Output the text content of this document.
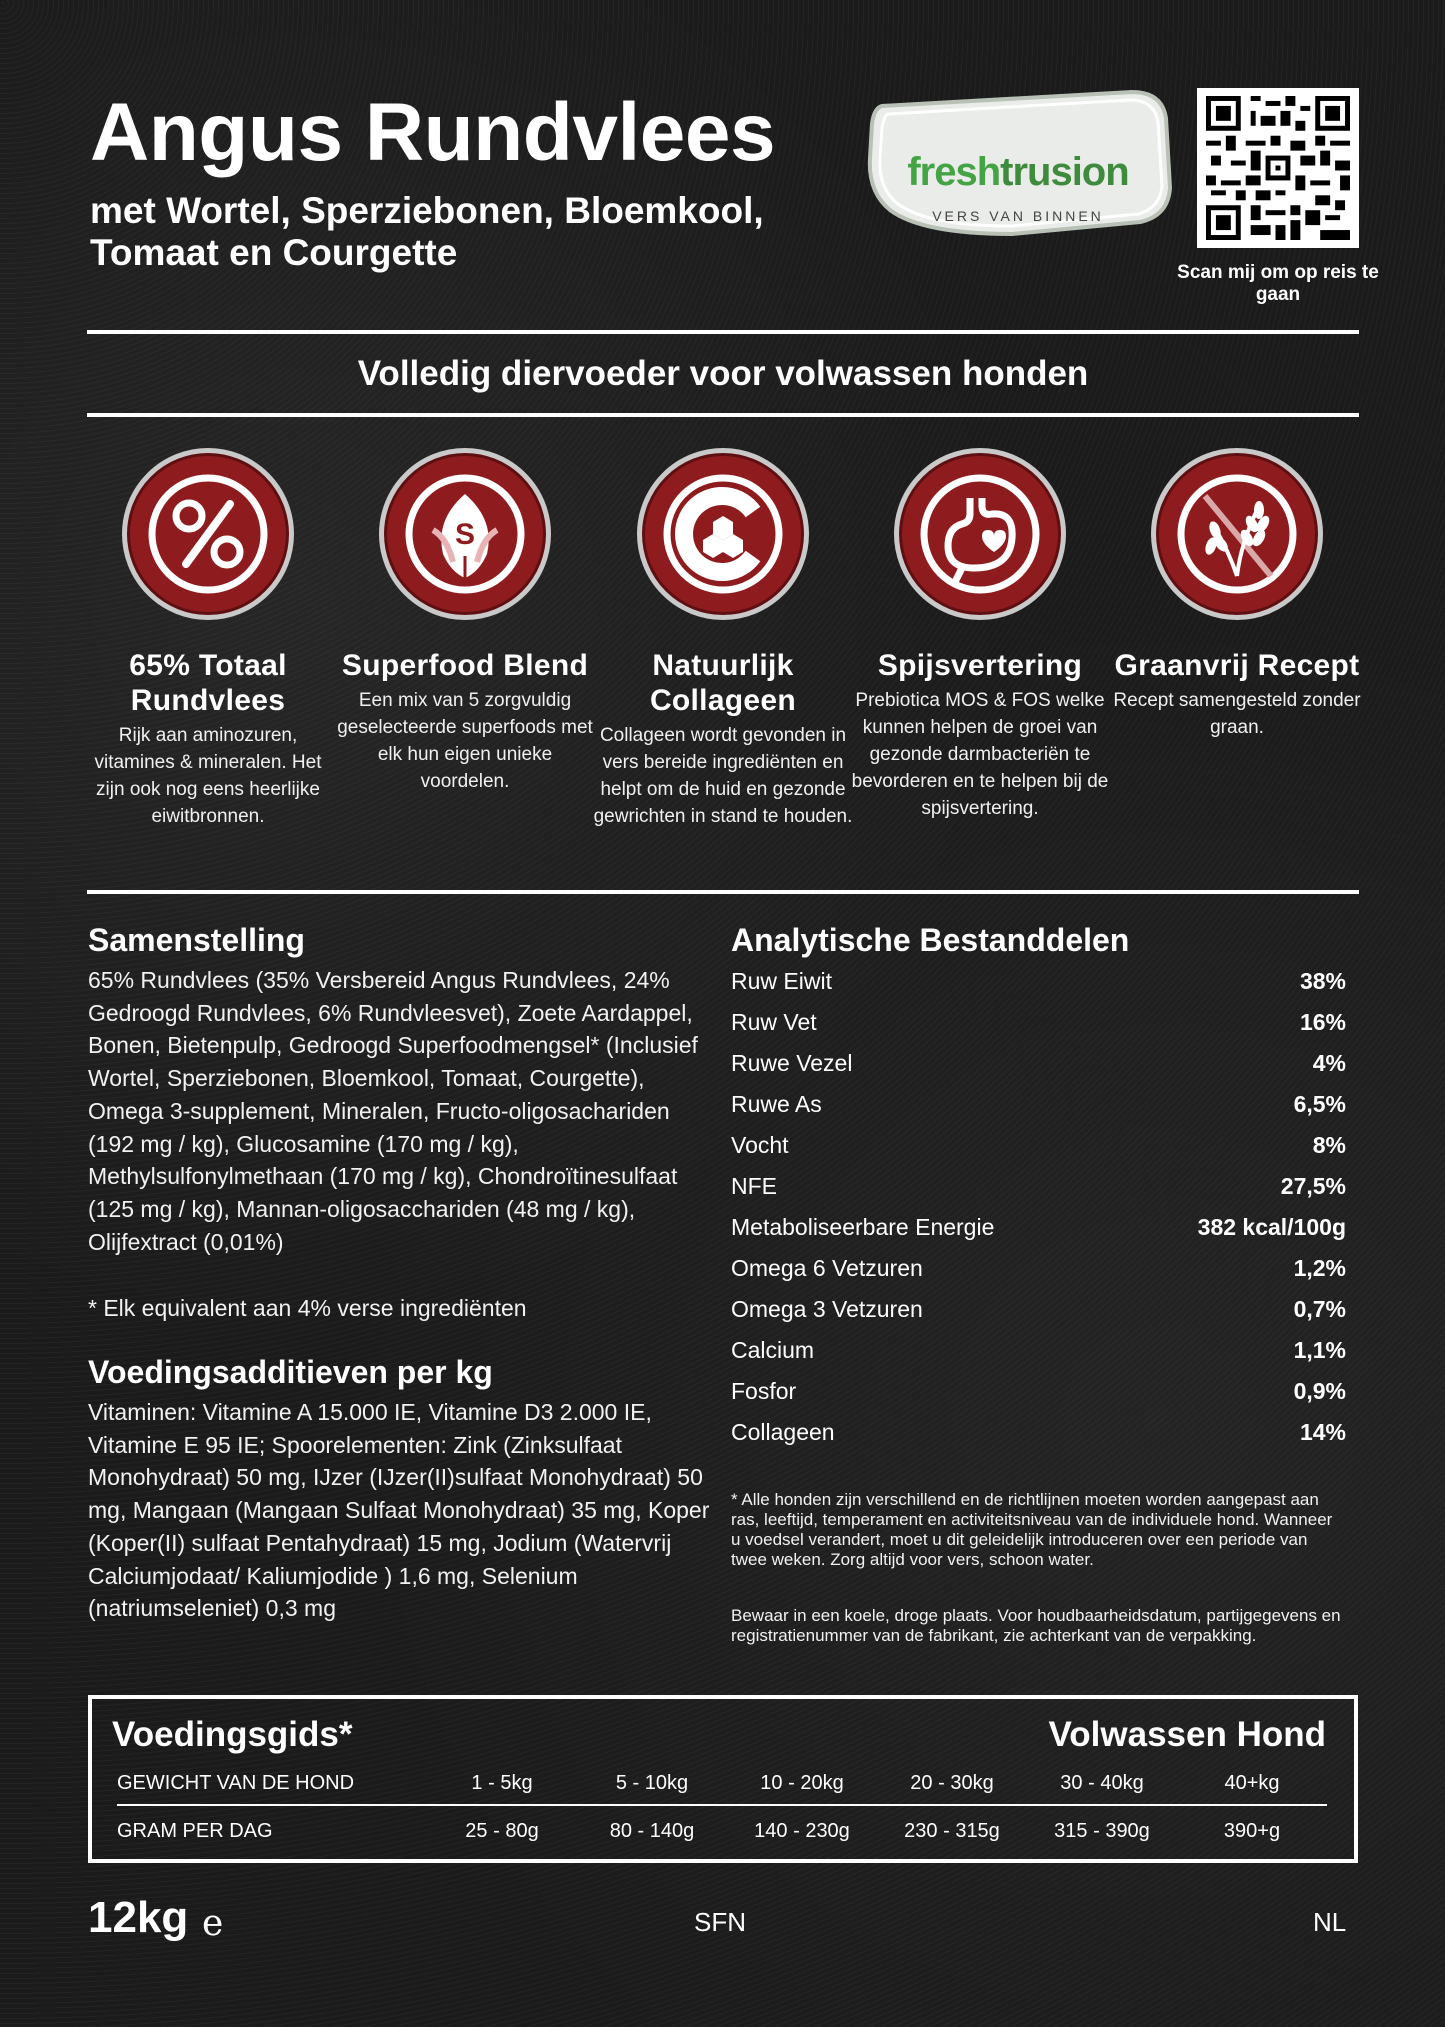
Angus Rundvlees
met Wortel, Sperziebonen, Bloemkool, Tomaat en Courgette
freshtrusion
VERS VAN BINNEN
Scan mij om op reis te gaan
Volledig diervoeder voor volwassen honden
65% Totaal Rundvlees
Rijk aan aminozuren, vitamines & mineralen. Het zijn ook nog eens heerlijke eiwitbronnen.
S
Superfood Blend
Een mix van 5 zorgvuldig geselecteerde superfoods met elk hun eigen unieke voordelen.
Natuurlijk Collageen
Collageen wordt gevonden in vers bereide ingrediënten en helpt om de huid en gezonde gewrichten in stand te houden.
Spijsvertering
Prebiotica MOS & FOS welke kunnen helpen de groei van gezonde darmbacteriën te bevorderen en te helpen bij de spijsvertering.
Graanvrij Recept
Recept samengesteld zonder graan.
Samenstelling
65% Rundvlees (35% Versbereid Angus Rundvlees, 24% Gedroogd Rundvlees, 6% Rundvleesvet), Zoete Aardappel, Bonen, Bietenpulp, Gedroogd Superfoodmengsel* (Inclusief Wortel, Sperziebonen, Bloemkool, Tomaat, Courgette), Omega 3-supplement, Mineralen, Fructo-oligosachariden (192 mg / kg), Glucosamine (170 mg / kg), Methylsulfonylmethaan (170 mg / kg), Chondroïtinesulfaat (125 mg / kg), Mannan-oligosacchariden (48 mg / kg), Olijfextract (0,01%)
* Elk equivalent aan 4% verse ingrediënten
Voedingsadditieven per kg
Vitaminen: Vitamine A 15.000 IE, Vitamine D3 2.000 IE, Vitamine E 95 IE; Spoorelementen: Zink (Zinksulfaat Monohydraat) 50 mg, IJzer (IJzer(II)sulfaat Monohydraat) 50 mg, Mangaan (Mangaan Sulfaat Monohydraat) 35 mg, Koper (Koper(II) sulfaat Pentahydraat) 15 mg, Jodium (Watervrij Calciumjodaat/ Kaliumjodide ) 1,6 mg, Selenium (natriumseleniet) 0,3 mg
Analytische Bestanddelen
Ruw Eiwit	38%
Ruw Vet	16%
Ruwe Vezel	4%
Ruwe As	6,5%
Vocht	8%
NFE	27,5%
Metaboliseerbare Energie	382 kcal/100g
Omega 6 Vetzuren	1,2%
Omega 3 Vetzuren	0,7%
Calcium	1,1%
Fosfor	0,9%
Collageen	14%
* Alle honden zijn verschillend en de richtlijnen moeten worden aangepast aan ras, leeftijd, temperament en activiteitsniveau van de individuele hond. Wanneer u voedsel verandert, moet u dit geleidelijk introduceren over een periode van twee weken. Zorg altijd voor vers, schoon water.
Bewaar in een koele, droge plaats. Voor houdbaarheidsdatum, partijgegevens en registratienummer van de fabrikant, zie achterkant van de verpakking.
Voedingsgids*	Volwassen Hond
GEWICHT VAN DE HOND	1 - 5kg	5 - 10kg	10 - 20kg	20 - 30kg	30 - 40kg	40+kg
GRAM PER DAG	25 - 80g	80 - 140g	140 - 230g	230 - 315g	315 - 390g	390+g
12kg e	SFN	NL
